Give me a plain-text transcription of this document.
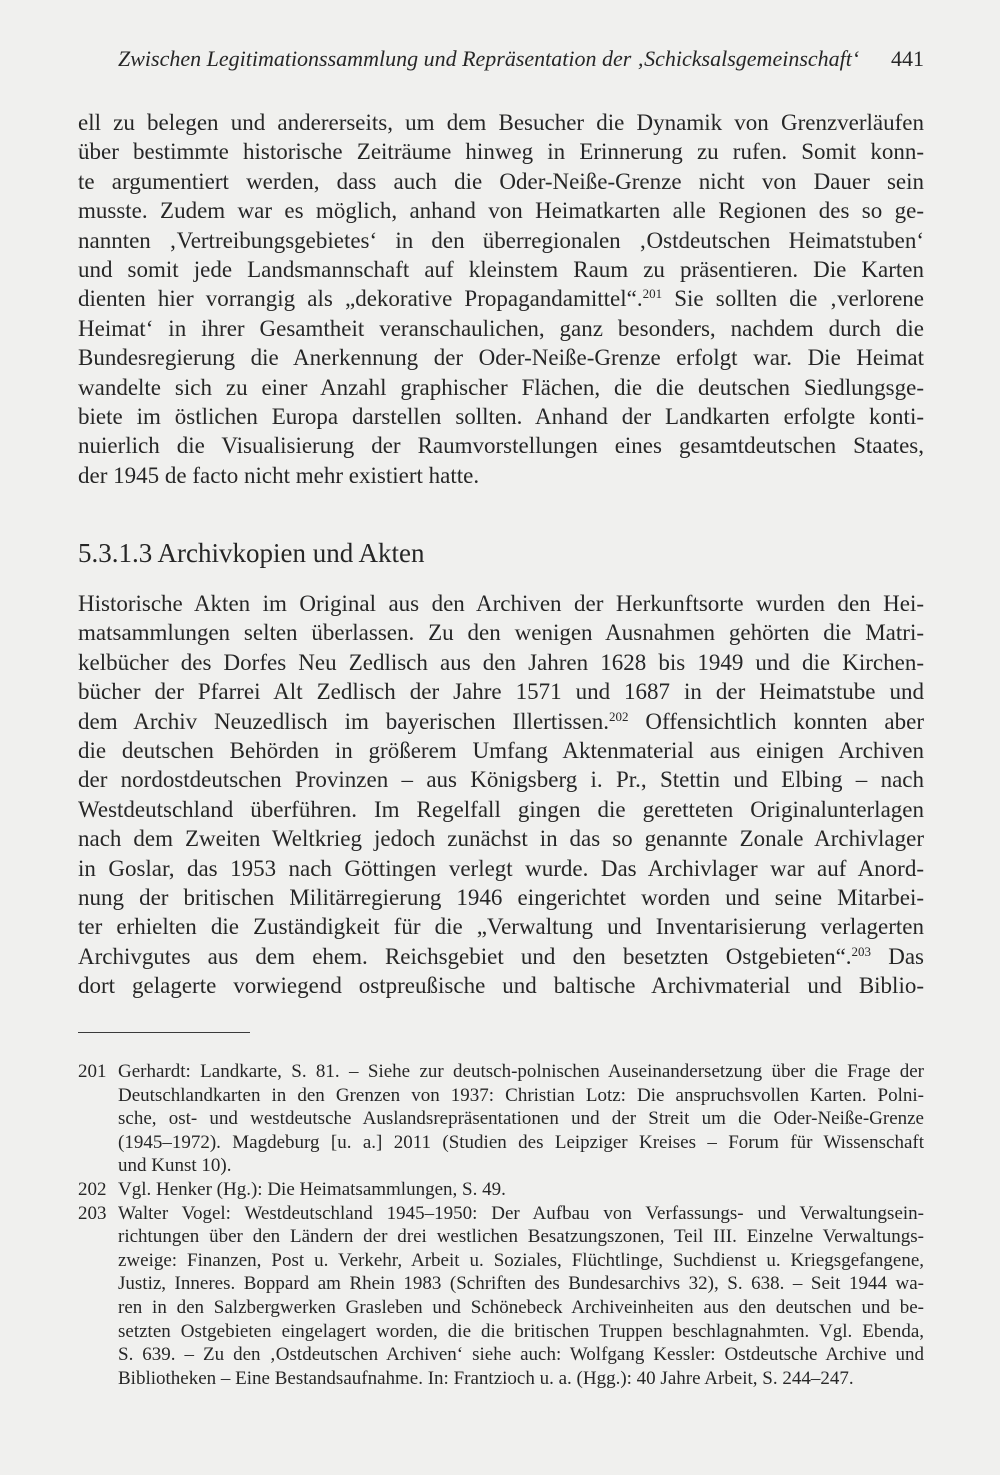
Zwischen Legitimationssammlung und Repräsentation der ‚Schicksalsgemeinschaft‘	441
ell zu belegen und andererseits, um dem Besucher die Dynamik von Grenzverläufen
über bestimmte historische Zeiträume hinweg in Erinnerung zu rufen. Somit konn-
te argumentiert werden, dass auch die Oder-Neiße-Grenze nicht von Dauer sein
musste. Zudem war es möglich, anhand von Heimatkarten alle Regionen des so ge-
nannten ‚Vertreibungsgebietes‘ in den überregionalen ‚Ostdeutschen Heimatstuben‘
und somit jede Landsmannschaft auf kleinstem Raum zu präsentieren. Die Karten
dienten hier vorrangig als „dekorative Propagandamittel“.$^{201}$ Sie sollten die ‚verlorene
Heimat‘ in ihrer Gesamtheit veranschaulichen, ganz besonders, nachdem durch die
Bundesregierung die Anerkennung der Oder-Neiße-Grenze erfolgt war. Die Heimat
wandelte sich zu einer Anzahl graphischer Flächen, die die deutschen Siedlungsge-
biete im östlichen Europa darstellen sollten. Anhand der Landkarten erfolgte konti-
nuierlich die Visualisierung der Raumvorstellungen eines gesamtdeutschen Staates,
der 1945 de facto nicht mehr existiert hatte.
5.3.1.3 Archivkopien und Akten
Historische Akten im Original aus den Archiven der Herkunftsorte wurden den Hei-
matsammlungen selten überlassen. Zu den wenigen Ausnahmen gehörten die Matri-
kelbücher des Dorfes Neu Zedlisch aus den Jahren 1628 bis 1949 und die Kirchen-
bücher der Pfarrei Alt Zedlisch der Jahre 1571 und 1687 in der Heimatstube und
dem Archiv Neuzedlisch im bayerischen Illertissen.$^{202}$ Offensichtlich konnten aber
die deutschen Behörden in größerem Umfang Aktenmaterial aus einigen Archiven
der nordostdeutschen Provinzen – aus Königsberg i. Pr., Stettin und Elbing – nach
Westdeutschland überführen. Im Regelfall gingen die geretteten Originalunterlagen
nach dem Zweiten Weltkrieg jedoch zunächst in das so genannte Zonale Archivlager
in Goslar, das 1953 nach Göttingen verlegt wurde. Das Archivlager war auf Anord-
nung der britischen Militärregierung 1946 eingerichtet worden und seine Mitarbei-
ter erhielten die Zuständigkeit für die „Verwaltung und Inventarisierung verlagerten
Archivgutes aus dem ehem. Reichsgebiet und den besetzten Ostgebieten“.$^{203}$ Das
dort gelagerte vorwiegend ostpreußische und baltische Archivmaterial und Biblio-
201 Gerhardt: Landkarte, S. 81. – Siehe zur deutsch-polnischen Auseinandersetzung über die Frage der
Deutschlandkarten in den Grenzen von 1937: Christian Lotz: Die anspruchsvollen Karten. Polni-
sche, ost- und westdeutsche Auslandsrepräsentationen und der Streit um die Oder-Neiße-Grenze
(1945–1972). Magdeburg [u. a.] 2011 (Studien des Leipziger Kreises – Forum für Wissenschaft
und Kunst 10).
202 Vgl. Henker (Hg.): Die Heimatsammlungen, S. 49.
203 Walter Vogel: Westdeutschland 1945–1950: Der Aufbau von Verfassungs- und Verwaltungsein-
richtungen über den Ländern der drei westlichen Besatzungszonen, Teil III. Einzelne Verwaltungs-
zweige: Finanzen, Post u. Verkehr, Arbeit u. Soziales, Flüchtlinge, Suchdienst u. Kriegsgefangene,
Justiz, Inneres. Boppard am Rhein 1983 (Schriften des Bundesarchivs 32), S. 638. – Seit 1944 wa-
ren in den Salzbergwerken Grasleben und Schönebeck Archiveinheiten aus den deutschen und be-
setzten Ostgebieten eingelagert worden, die die britischen Truppen beschlagnahmten. Vgl. Ebenda,
S. 639. – Zu den ‚Ostdeutschen Archiven‘ siehe auch: Wolfgang Kessler: Ostdeutsche Archive und
Bibliotheken – Eine Bestandsaufnahme. In: Frantzioch u. a. (Hgg.): 40 Jahre Arbeit, S. 244–247.
